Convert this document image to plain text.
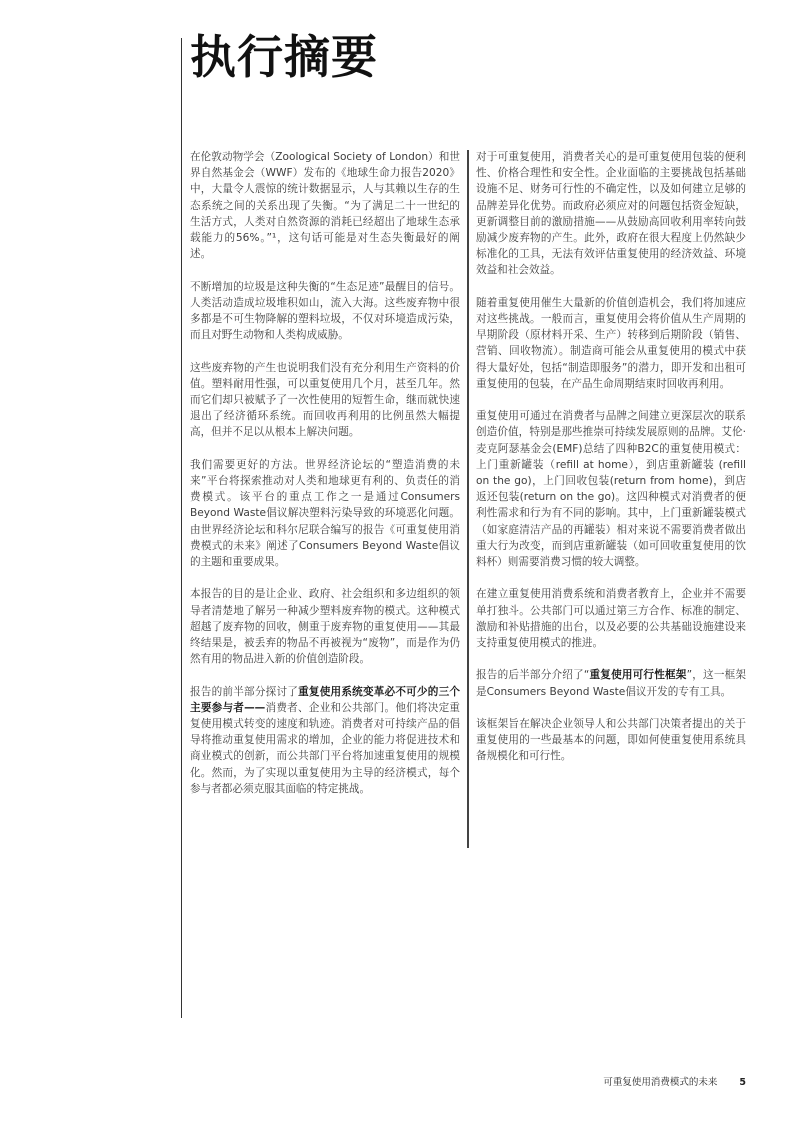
执行摘要

在伦敦动物学会（Zoological Society of London）和世界自然基金会（WWF）发布的《地球生命力报告2020》中，大量令人震惊的统计数据显示，人与其赖以生存的生态系统之间的关系出现了失衡。“为了满足二十一世纪的生活方式，人类对自然资源的消耗已经超出了地球生态承载能力的56%。”¹，这句话可能是对生态失衡最好的阐述。

不断增加的垃圾是这种失衡的“生态足迹”最醒目的信号。人类活动造成垃圾堆积如山，流入大海。这些废弃物中很多都是不可生物降解的塑料垃圾，不仅对环境造成污染，而且对野生动物和人类构成威胁。

这些废弃物的产生也说明我们没有充分利用生产资料的价值。塑料耐用性强，可以重复使用几个月，甚至几年。然而它们却只被赋予了一次性使用的短暂生命，继而就快速退出了经济循环系统。而回收再利用的比例虽然大幅提高，但并不足以从根本上解决问题。

我们需要更好的方法。世界经济论坛的“塑造消费的未来”平台将探索推动对人类和地球更有利的、负责任的消费模式。该平台的重点工作之一是通过Consumers Beyond Waste倡议解决塑料污染导致的环境恶化问题。由世界经济论坛和科尔尼联合编写的报告《可重复使用消费模式的未来》阐述了Consumers Beyond Waste倡议的主题和重要成果。

本报告的目的是让企业、政府、社会组织和多边组织的领导者清楚地了解另一种减少塑料废弃物的模式。这种模式超越了废弃物的回收，侧重于废弃物的重复使用——其最终结果是，被丢弃的物品不再被视为“废物”，而是作为仍然有用的物品进入新的价值创造阶段。

报告的前半部分探讨了重复使用系统变革必不可少的三个主要参与者——消费者、企业和公共部门。他们将决定重复使用模式转变的速度和轨迹。消费者对可持续产品的倡导将推动重复使用需求的增加，企业的能力将促进技术和商业模式的创新，而公共部门平台将加速重复使用的规模化。然而，为了实现以重复使用为主导的经济模式，每个参与者都必须克服其面临的特定挑战。

对于可重复使用，消费者关心的是可重复使用包装的便利性、价格合理性和安全性。企业面临的主要挑战包括基础设施不足、财务可行性的不确定性，以及如何建立足够的品牌差异化优势。而政府必须应对的问题包括资金短缺，更新调整目前的激励措施——从鼓励高回收利用率转向鼓励减少废弃物的产生。此外，政府在很大程度上仍然缺少标准化的工具，无法有效评估重复使用的经济效益、环境效益和社会效益。

随着重复使用催生大量新的价值创造机会，我们将加速应对这些挑战。一般而言，重复使用会将价值从生产周期的早期阶段（原材料开采、生产）转移到后期阶段（销售、营销、回收物流）。制造商可能会从重复使用的模式中获得大量好处，包括“制造即服务”的潜力，即开发和出租可重复使用的包装，在产品生命周期结束时回收再利用。

重复使用可通过在消费者与品牌之间建立更深层次的联系创造价值，特别是那些推崇可持续发展原则的品牌。艾伦·麦克阿瑟基金会(EMF)总结了四种B2C的重复使用模式：上门重新罐装（refill at home），到店重新罐装 (refill on the go)，上门回收包装(return from home)，到店返还包装(return on the go)。这四种模式对消费者的便利性需求和行为有不同的影响。其中，上门重新罐装模式（如家庭清洁产品的再罐装）相对来说不需要消费者做出重大行为改变，而到店重新罐装（如可回收重复使用的饮料杯）则需要消费习惯的较大调整。

在建立重复使用消费系统和消费者教育上，企业并不需要单打独斗。公共部门可以通过第三方合作、标准的制定、激励和补贴措施的出台，以及必要的公共基础设施建设来支持重复使用模式的推进。

报告的后半部分介绍了“重复使用可行性框架”，这一框架是Consumers Beyond Waste倡议开发的专有工具。

该框架旨在解决企业领导人和公共部门决策者提出的关于重复使用的一些最基本的问题，即如何使重复使用系统具备规模化和可行性。

可重复使用消费模式的未来 5
